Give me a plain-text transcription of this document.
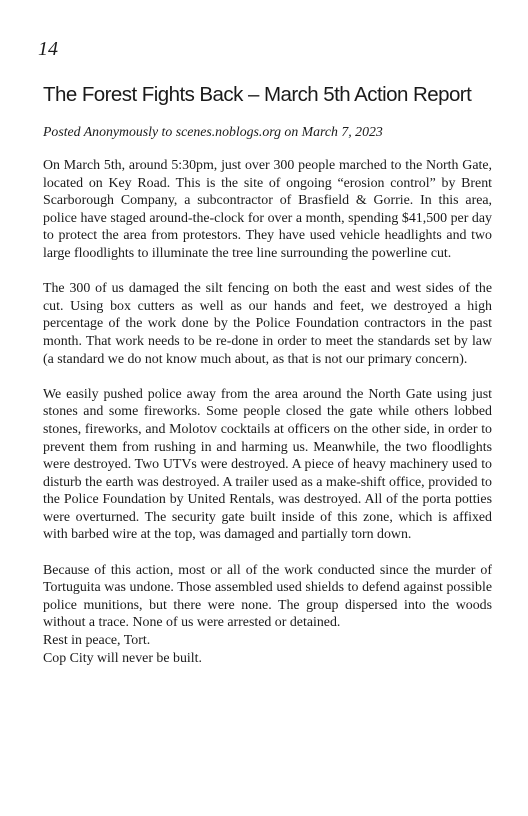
14
The Forest Fights Back – March 5th Action Report
Posted Anonymously to scenes.noblogs.org on March 7, 2023

On March 5th, around 5:30pm, just over 300 people marched to the North Gate, located on Key Road. This is the site of ongoing “erosion control” by Brent Scarborough Company, a subcontractor of Brasfield & Gorrie. In this area, police have staged around-the-clock for over a month, spending $41,500 per day to protect the area from protestors. They have used vehicle headlights and two large floodlights to illuminate the tree line surrounding the powerline cut.

The 300 of us damaged the silt fencing on both the east and west sides of the cut. Using box cutters as well as our hands and feet, we destroyed a high percentage of the work done by the Police Foundation contractors in the past month. That work needs to be re-done in order to meet the standards set by law (a standard we do not know much about, as that is not our primary concern).

We easily pushed police away from the area around the North Gate using just stones and some fireworks. Some people closed the gate while others lobbed stones, fireworks, and Molotov cocktails at officers on the other side, in order to prevent them from rushing in and harming us. Meanwhile, the two floodlights were destroyed. Two UTVs were destroyed. A piece of heavy machinery used to disturb the earth was destroyed. A trailer used as a make-shift office, provided to the Police Foundation by United Rentals, was destroyed. All of the porta potties were overturned. The security gate built inside of this zone, which is affixed with barbed wire at the top, was damaged and partially torn down.

Because of this action, most or all of the work conducted since the murder of Tortuguita was undone. Those assembled used shields to defend against possible police munitions, but there were none. The group dispersed into the woods without a trace. None of us were arrested or detained.

Rest in peace, Tort.

Cop City will never be built.
